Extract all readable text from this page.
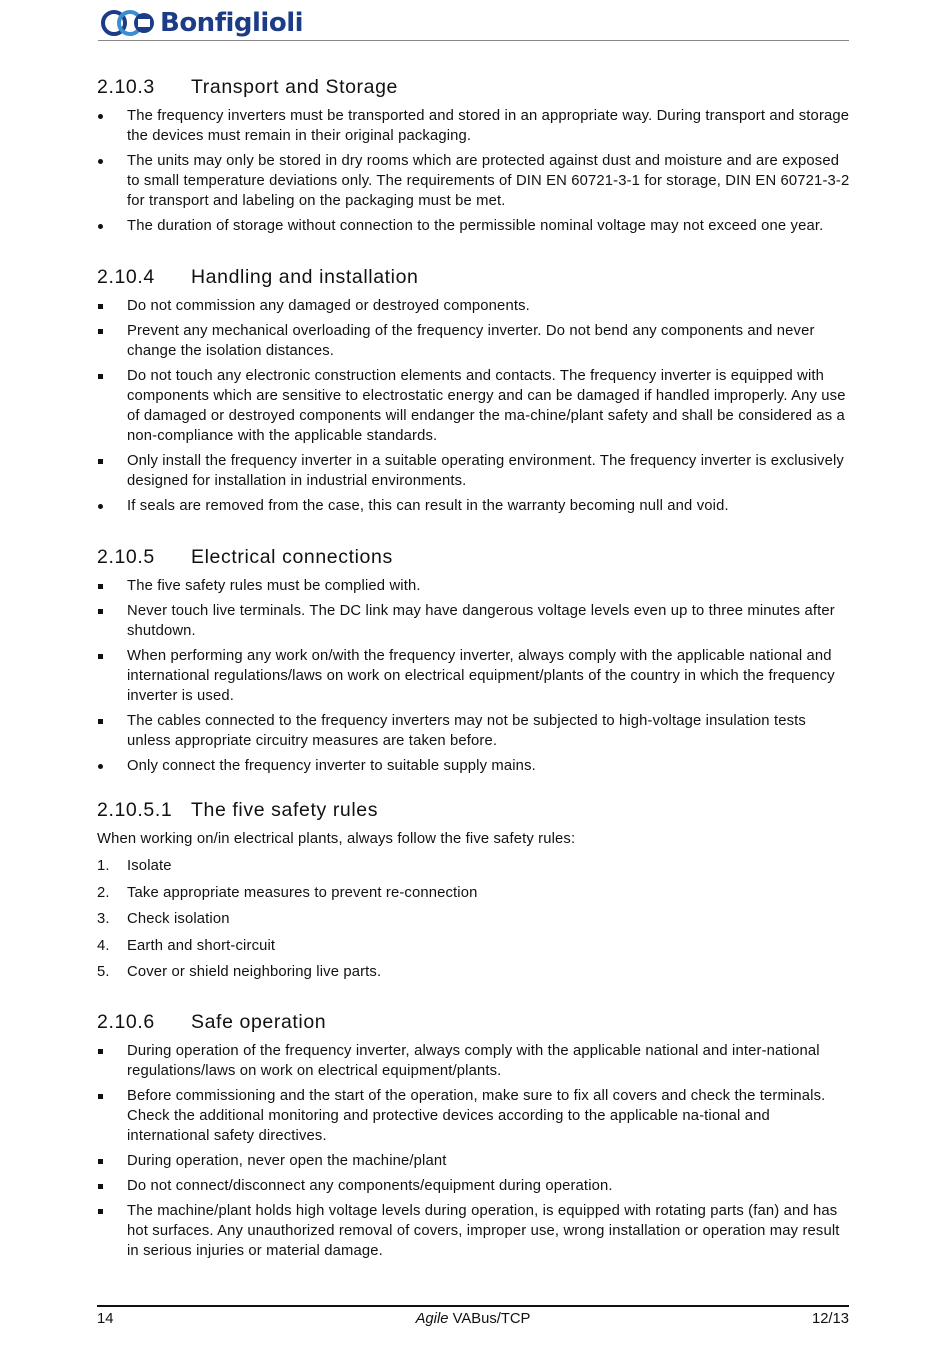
Bonfiglioli
2.10.3	Transport and Storage
The frequency inverters must be transported and stored in an appropriate way. During transport and storage the devices must remain in their original packaging.
The units may only be stored in dry rooms which are protected against dust and moisture and are exposed to small temperature deviations only. The requirements of DIN EN 60721-3-1 for storage, DIN EN 60721-3-2 for transport and labeling on the packaging must be met.
The duration of storage without connection to the permissible nominal voltage may not exceed one year.
2.10.4	Handling and installation
Do not commission any damaged or destroyed components.
Prevent any mechanical overloading of the frequency inverter. Do not bend any components and never change the isolation distances.
Do not touch any electronic construction elements and contacts. The frequency inverter is equipped with components which are sensitive to electrostatic energy and can be damaged if handled improperly. Any use of damaged or destroyed components will endanger the ma-chine/plant safety and shall be considered as a non-compliance with the applicable standards.
Only install the frequency inverter in a suitable operating environment. The frequency inverter is exclusively designed for installation in industrial environments.
If seals are removed from the case, this can result in the warranty becoming null and void.
2.10.5	Electrical connections
The five safety rules must be complied with.
Never touch live terminals. The DC link may have dangerous voltage levels even up to three minutes after shutdown.
When performing any work on/with the frequency inverter, always comply with the applicable national and international regulations/laws on work on electrical equipment/plants of the country in which the frequency inverter is used.
The cables connected to the frequency inverters may not be subjected to high-voltage insulation tests unless appropriate circuitry measures are taken before.
Only connect the frequency inverter to suitable supply mains.
2.10.5.1 The five safety rules

When working on/in electrical plants, always follow the five safety rules:

1. Isolate
2. Take appropriate measures to prevent re-connection
3. Check isolation
4. Earth and short-circuit
5. Cover or shield neighboring live parts.
2.10.6	Safe operation
During operation of the frequency inverter, always comply with the applicable national and inter-national regulations/laws on work on electrical equipment/plants.
Before commissioning and the start of the operation, make sure to fix all covers and check the terminals. Check the additional monitoring and protective devices according to the applicable na-tional and international safety directives.
During operation, never open the machine/plant
Do not connect/disconnect any components/equipment during operation.
The machine/plant holds high voltage levels during operation, is equipped with rotating parts (fan) and has hot surfaces. Any unauthorized removal of covers, improper use, wrong installation or operation may result in serious injuries or material damage.
14	12/13
Agile VABus/TCP
